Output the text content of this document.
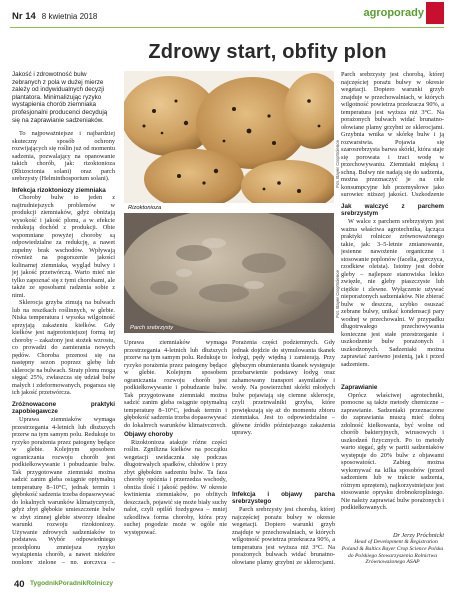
Nr 14 8 kwietnia 2018	agroporady
Zdrowy start, obfity plon

Jakość i zdrowotność bulw zebranych z pola w dużej mierze zależy od indywidualnych decyzji plantatora. Minimalizując ryzyko wystąpienia chorób ziemniaka profesjonalni producenci decydują się na zaprawianie sadzeniaków.

To najpoważniejsze i najbardziej skuteczny sposób ochrony rozwijających się roślin już od momentu sadzenia, pozwalający na opanowanie takich chorób, jak: rizoktonioza (Rhizoctonia solani) oraz parch srebrzysty (Helminthosporium solani).

Infekcja rizoktoniozy ziemniaka

Choroby bulw to jeden z najtrudniejszych problemów w produkcji ziemniaków, gdyż obniżają wysokość i jakość plonu, a w efekcie redukują dochód z produkcji. Obie wspomniane powyżej choroby są odpowiedzialne za redukcję, a nawet zupełny brak wschodów. Wpływają również na pogorszenie jakości kulinarnej ziemniaka, wygląd bulwy i jej jakość przetwórczą. Warto mieć nie tylko zapoznać się z tymi chorobami, ale także ze sposobami radzenia sobie z nimi.

Sklerocja grzyba zimują na bulwach lub na resztkach roślinnych, w glebie. Niska temperatura i wysoka wilgotność sprzyjają zakażeniu kiełków. Gdy kiełków jest najprotoniejszej formą tej choroby – zakażony jest stożek wzrostu, co prowadzi do zamierania nowych pędów. Choroba przenosi się na następny sezon poprzez glebę lub sklerocje na bulwach. Straty plonu mogą sięgać 25%, zwłaszcza się udział bulw małych i zdeformowanych, pogarsza się ich jakość przetwórcza.

Zróżnowacone praktyki zapobiegawcze

Uprawa ziemniaków wymaga przestrzegania 4-letnich lub dłuższych przerw na tym samym polu. Redukuje to ryzyko porażenia przez patogeny będące w glebie. Kolejnym sposobem ograniczania rozwoju chorób jest podkiełkowywanie i pobudzanie bulw. Tak przygotowane ziemniaki można sadzić zanim gleba osiągnie optymalną temperaturę 8–10°C, jednak termin i głębokość sadzenia trzeba dopasowywać do lokalnych warunków klimatycznych, gdyż zbyt głębokie umieszczenie bulw w zbyt zimnej glebie stworzy idealne warunki rozwoju rizoktoniozy. Używanie zdrowych sadzeniaków to podstawa. Wybór odpowiedniego przedplonu zmniejsza ryzyko wystąpienia chorób, a nawet niektóre poplony zielone – np. gorczyca –

Rizoktonioza
Fot. Bayer CropScience
Parch srebrzysty
Fot. Bayer CropScience

Uprawa ziemniaków wymaga przestrzegania 4-letnich lub dłuższych przerw na tym samym polu. Redukuje to ryzyko porażenia przez patogeny będące w glebie. Kolejnym sposobem ograniczania rozwoju chorób jest podkiełkowywanie i pobudzanie bulw. Tak przygotowane ziemniaki można sadzić zanim gleba osiągnie optymalną temperaturę 8–10°C, jednak termin i głębokość sadzenia trzeba dopasowywać do lokalnych warunków klimatycznych,

Objawy choroby

Rizoktonioza atakuje różne części roślin. Zgnilizna kiełków na początku wegetacji uwidacznia się podczas długotrwałych spadków, chłodów i przy zbyt głębokim sadzeniu bulw. Ta faza choroby opóźnia i przerzedza wschody, obniża ilość i jakość pędów. W okresie kwitnienia ziemniaków, po obfitych deszczach, pojawić się może biały suchy nalot, czyli opilśń fozdygowa – mniej szkodliwa forma choroby, która przy suchej pogodzie może w ogóle nie występować.

Porażenia części podziemnych. Gdy jednak dojdzie do stymulowania tkanek łodygi, pędy więdną i zamierają. Przy głębszym obumieraniu tkanek występuje przebarwienie podstawy łodyg oraz zahamowany transport asymilatów i wody. Na powierzchni skórki młodych bulw pojawiają się ciemne sklerocje, czyli przetrwalniki grzyba, które powiększają się aż do momentu zbioru ziemniaka. Jest to odpowiedzialne – główne źródło późniejszego zakażenia uprawy.

Infekcja i objawy parcha srebrzystego

Parch srebrzysty jest chorobą, której najczęściej porażu bulwy w okresie wegetacji. Dopiero warunki grzyb znajduje w przechowalniach, w których wilgotność powietrza przekracza 90%, a temperatura jest wyższa niż 3°C. Na porażonych bulwach widać brunatno-ołowiane plamy grzybni ze sklerocjami.

Parch srebrzysty jest chorobą, której najczęściej porażu bulwy w okresie wegetacji. Dopiero warunki grzyb znajduje w przechowalniach, w których wilgotność powietrza przekracza 90%, a temperatura jest wyższa niż 3°C. Na porażonych bulwach widać brunatno-ołowiane plamy grzybni ze sklerocjami. Grzybnia wnika w skórkę bulw i ją rozwarstwia. Pojawia się szarosrebrzysta barwa skórki, która staje się porowata i traci wodę w przechowywaniu. Ziemniaki miękną i schną. Bulwy nie nadają się do sadzenia, można przeznaczyć je na cele konsumpcyjne lub przemysłowe jako surowiec niższej jakości. Uszkodzenie

Jak walczyć z parchem srebrzystym

W walce z parchem srebrzystym jest ważna właściwa agrotechnika, łącząca praktyki rolnicze zrównoważonego takie, jak: 3–5-letnie zmianowanie, jesienne nawożenie organiczne i stosowanie poplonów (facelia, gorczyca, rzodkiew oleista). Istotny jest dobór gleby – najlepsze stanowiska lekko zwięzłe, nie gleby piaszczyste lub ciężkie i zlewne. Wyłączenie używać nieporażonych sadzeniaków. Nie zbierać bulw w deszczu, szybko osuszać zebrane bulwy, unikać kondensacji pary wodnej w przechowalni. W przypadku długotrwałego przechowywania konieczne jest stałe przestrzeganie i uszkodzenie bulw porażonych i uszkodzonych. Sadzeniaki można zaprawiać zarówno jesienią, jak i przed sadzeniem.

Zaprawianie

Oprócz właściwej agrotechniki, pomocne są także metody chemiczne – zaprawianie. Sadzeniaki przeznaczone do zaprawiania muszą mieć dobrą zdolność kiełkowania, być wolne od chorób bakteryjnych, wirusowych i uszkodzeń fizycznych. Po to metody warto sięgać, gdy w partii sadzeniaków występuje do 20% bulw z objawami sposowatości. Zabieg można wykonywać na kilka sposobów (przed sadzeniem lub w trakcie sadzenia, różnym sprzętem), najkorzystniejsze jest stosowanie oprysku drobnokroplistego. Nie należy zaprawiać bulw porażonych i podkiełkowanych.

Dr Jerzy Próchnicki

Head of Development & Registration Poland & Baltics Bayer Crop Science Polska do Polskiego Stowarzyszenia Rolnictwa Zrównoważonego ASAP

40 TygodnikPoradnikRolniczy
